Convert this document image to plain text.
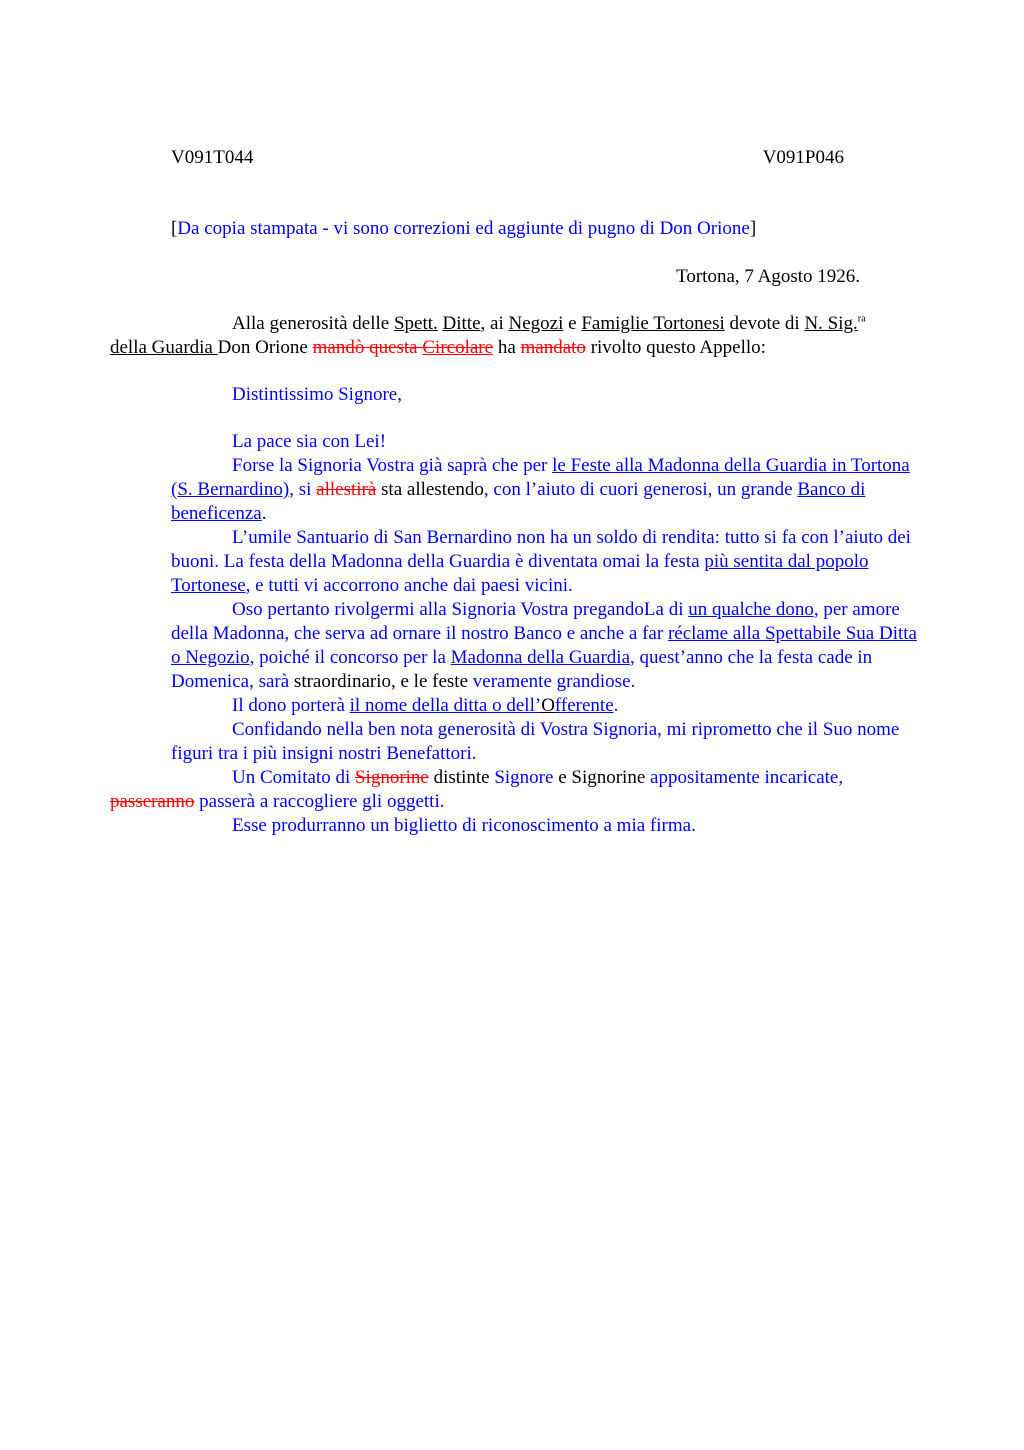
V091T044	V091P046

[Da copia stampata - vi sono correzioni ed aggiunte di pugno di Don Orione]

Tortona, 7 Agosto 1926.

Alla generosità delle Spett. Ditte, ai Negozi e Famiglie Tortonesi devote di N. Sig.$^{ra}$
della Guardia Don Orione mandò questa Circolare ha mandato rivolto questo Appello:

Distintissimo Signore,

La pace sia con Lei!

Forse la Signoria Vostra già saprà che per le Feste alla Madonna della Guardia in Tortona (S. Bernardino), si allestirà sta allestendo, con l’aiuto di cuori generosi, un grande Banco di beneficenza.

L’umile Santuario di San Bernardino non ha un soldo di rendita: tutto si fa con l’aiuto dei buoni. La festa della Madonna della Guardia è diventata omai la festa più sentita dal popolo Tortonese, e tutti vi accorrono anche dai paesi vicini.

Oso pertanto rivolgermi alla Signoria Vostra pregandoLa di un qualche dono, per amore della Madonna, che serva ad ornare il nostro Banco e anche a far réclame alla Spettabile Sua Ditta o Negozio, poiché il concorso per la Madonna della Guardia, quest’anno che la festa cade in Domenica, sarà straordinario, e le feste veramente grandiose.

Il dono porterà il nome della ditta o dell’Offerente.

Confidando nella ben nota generosità di Vostra Signoria, mi riprometto che il Suo nome figuri tra i più insigni nostri Benefattori.

Un Comitato di Signorine distinte Signore e Signorine appositamente incaricate,
passeranno passerà a raccogliere gli oggetti.

Esse produrranno un biglietto di riconoscimento a mia firma.
